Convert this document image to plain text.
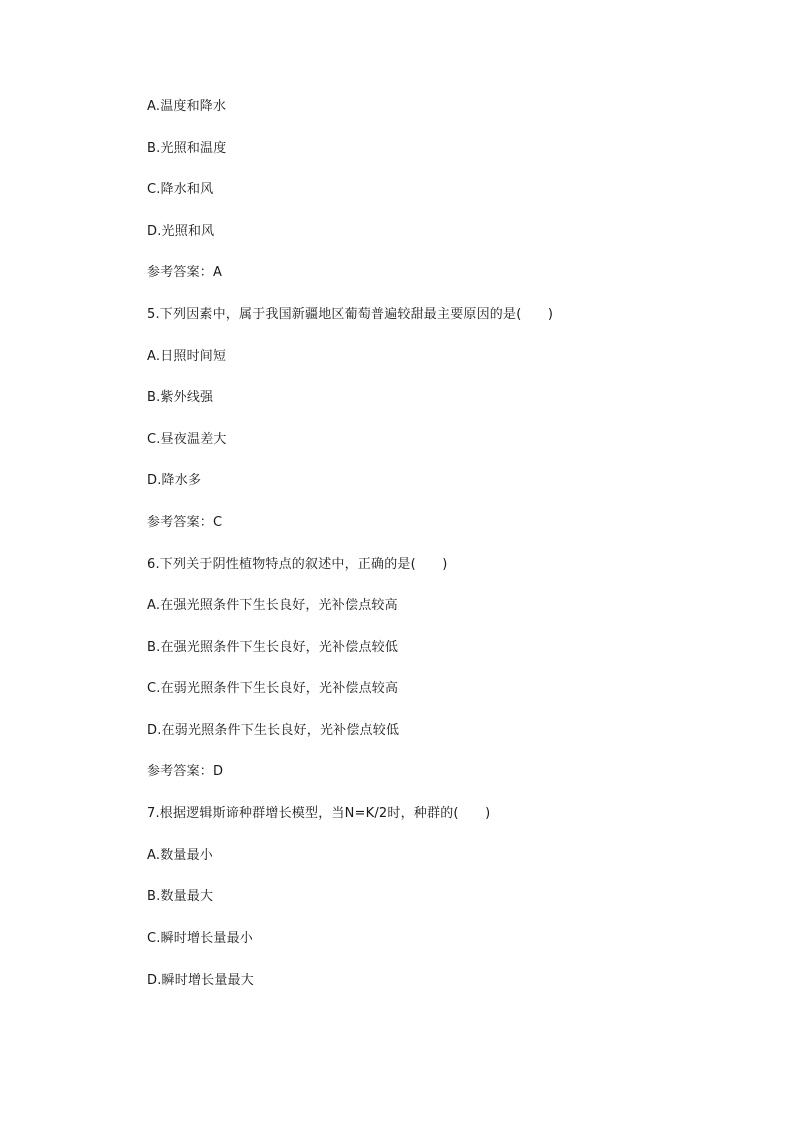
A.温度和降水
B.光照和温度
C.降水和风
D.光照和风
参考答案：A
5.下列因素中，属于我国新疆地区葡萄普遍较甜最主要原因的是(　　)
A.日照时间短
B.紫外线强
C.昼夜温差大
D.降水多
参考答案：C
6.下列关于阴性植物特点的叙述中，正确的是(　　)
A.在强光照条件下生长良好，光补偿点较高
B.在强光照条件下生长良好，光补偿点较低
C.在弱光照条件下生长良好，光补偿点较高
D.在弱光照条件下生长良好，光补偿点较低
参考答案：D
7.根据逻辑斯谛种群增长模型，当N=K/2时，种群的(　　)
A.数量最小
B.数量最大
C.瞬时增长量最小
D.瞬时增长量最大
